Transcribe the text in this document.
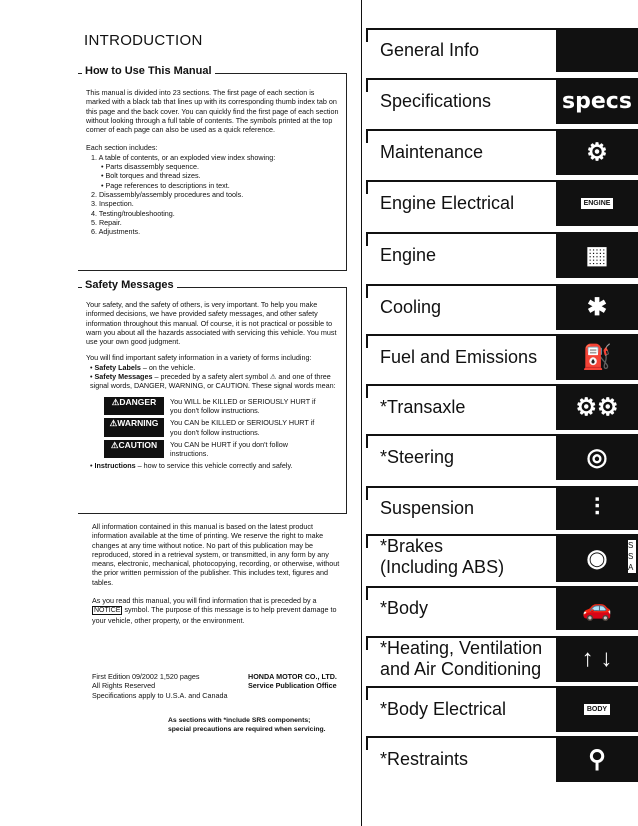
INTRODUCTION
How to Use This Manual

This manual is divided into 23 sections. The first page of each section is marked with a black tab that lines up with its corresponding thumb index tab on this page and the back cover. You can quickly find the first page of each section without looking through a full table of contents. The symbols printed at the top corner of each page can also be used as a quick reference.

Each section includes:

1. A table of contents, or an exploded view index showing:
• Parts disassembly sequence.
• Bolt torques and thread sizes.
• Page references to descriptions in text.
2. Disassembly/assembly procedures and tools.
3. Inspection.
4. Testing/troubleshooting.
5. Repair.
6. Adjustments.
Safety Messages

Your safety, and the safety of others, is very important. To help you make informed decisions, we have provided safety messages, and other safety information throughout this manual. Of course, it is not practical or possible to warn you about all the hazards associated with servicing this vehicle. You must use your own good judgment.

You will find important safety information in a variety of forms including:

• Safety Labels – on the vehicle.
• Safety Messages – preceded by a safety alert symbol ⚠ and one of three signal words, DANGER, WARNING, or CAUTION. These signal words mean:
⚠DANGER	You WILL be KILLED or SERIOUSLY HURT if you don't follow instructions.
⚠WARNING	You CAN be KILLED or SERIOUSLY HURT if you don't follow instructions.
⚠CAUTION	You CAN be HURT if you don't follow instructions.
• Instructions – how to service this vehicle correctly and safely.

All information contained in this manual is based on the latest product information available at the time of printing. We reserve the right to make changes at any time without notice. No part of this publication may be reproduced, stored in a retrieval system, or transmitted, in any form by any means, electronic, mechanical, photocopying, recording, or otherwise, without the prior written permission of the publisher. This includes text, figures and tables.

As you read this manual, you will find information that is preceded by a NOTICE symbol. The purpose of this message is to help prevent damage to your vehicle, other property, or the environment.

First Edition 09/2002 1,520 pages
All Rights Reserved
Specifications apply to U.S.A. and Canada
HONDA MOTOR CO., LTD.
Service Publication Office
As sections with *include SRS components;
special precautions are required when servicing.
General Info
Specifications	specs
Maintenance	⚙
Engine Electrical	ENGINE
Engine	▦
Cooling	✱
Fuel and Emissions ⛽
*Transaxle	⚙⚙
*Steering	◎
Suspension	⫶
*Brakes
(Including ABS)	◉	S S A
*Body	🚗
*Heating, Ventilation
and Air Conditioning ↑ ↓
*Body Electrical	BODY
*Restraints	⚲
